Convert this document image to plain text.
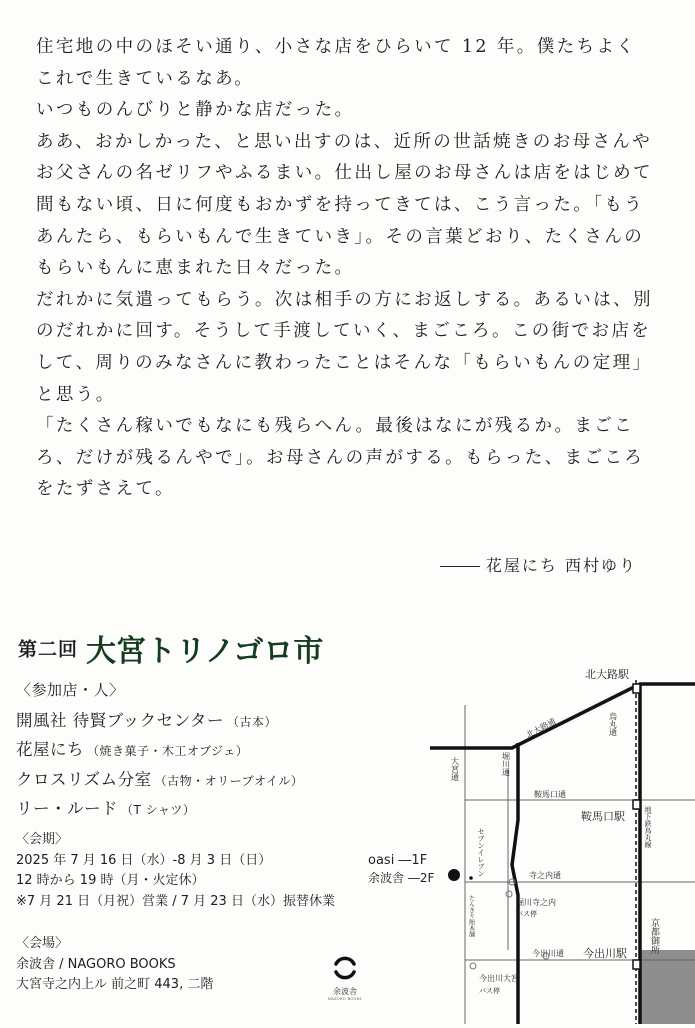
住宅地の中のほそい通り、小さな店をひらいて 12 年。僕たちよくこれで生きているなあ。

いつものんびりと静かな店だった。

ああ、おかしかった、と思い出すのは、近所の世話焼きのお母さんやお父さんの名ゼリフやふるまい。仕出し屋のお母さんは店をはじめて間もない頃、日に何度もおかずを持ってきては、こう言った。「もうあんたら、もらいもんで生きていき」。その言葉どおり、たくさんのもらいもんに恵まれた日々だった。

だれかに気遣ってもらう。次は相手の方にお返しする。あるいは、別のだれかに回す。そうして手渡していく、まごころ。この街でお店をして、周りのみなさんに教わったことはそんな「もらいもんの定理」と思う。

「たくさん稼いでもなにも残らへん。最後はなにが残るか。まごころ、だけが残るんやで」。お母さんの声がする。もらった、まごころをたずさえて。

花屋にち 西村ゆり
第二回 大宮トリノゴロ市
〈参加店・人〉
開風社 待賢ブックセンター （古本）
花屋にち （焼き菓子・木工オブジェ）
クロスリズム分室 （古物・オリーブオイル）
リー・ルード （T シャツ）
〈会期〉
2025 年 7 月 16 日（水）-8 月 3 日（日）
12 時から 19 時（月・火定休）
※7 月 21 日（月祝）営業 / 7 月 23 日（水）振替休業
〈会場〉
余波舎 / NAGORO BOOKS
大宮寺之内上ル 前之町 443, 二階	余波舎
NAGORO BOOKS
北大路駅
烏丸通
北大路通
堀川通
大宮通
鞍馬口通
鞍馬口駅	地下鉄烏丸線
寺之内通
堀川寺之内
バス停
今出川通 今出川駅
今出川大宮
バス停
京都御所
セブンイレブン
たんきり飴本舗
oasi ―1F
余波舎 ―2F
